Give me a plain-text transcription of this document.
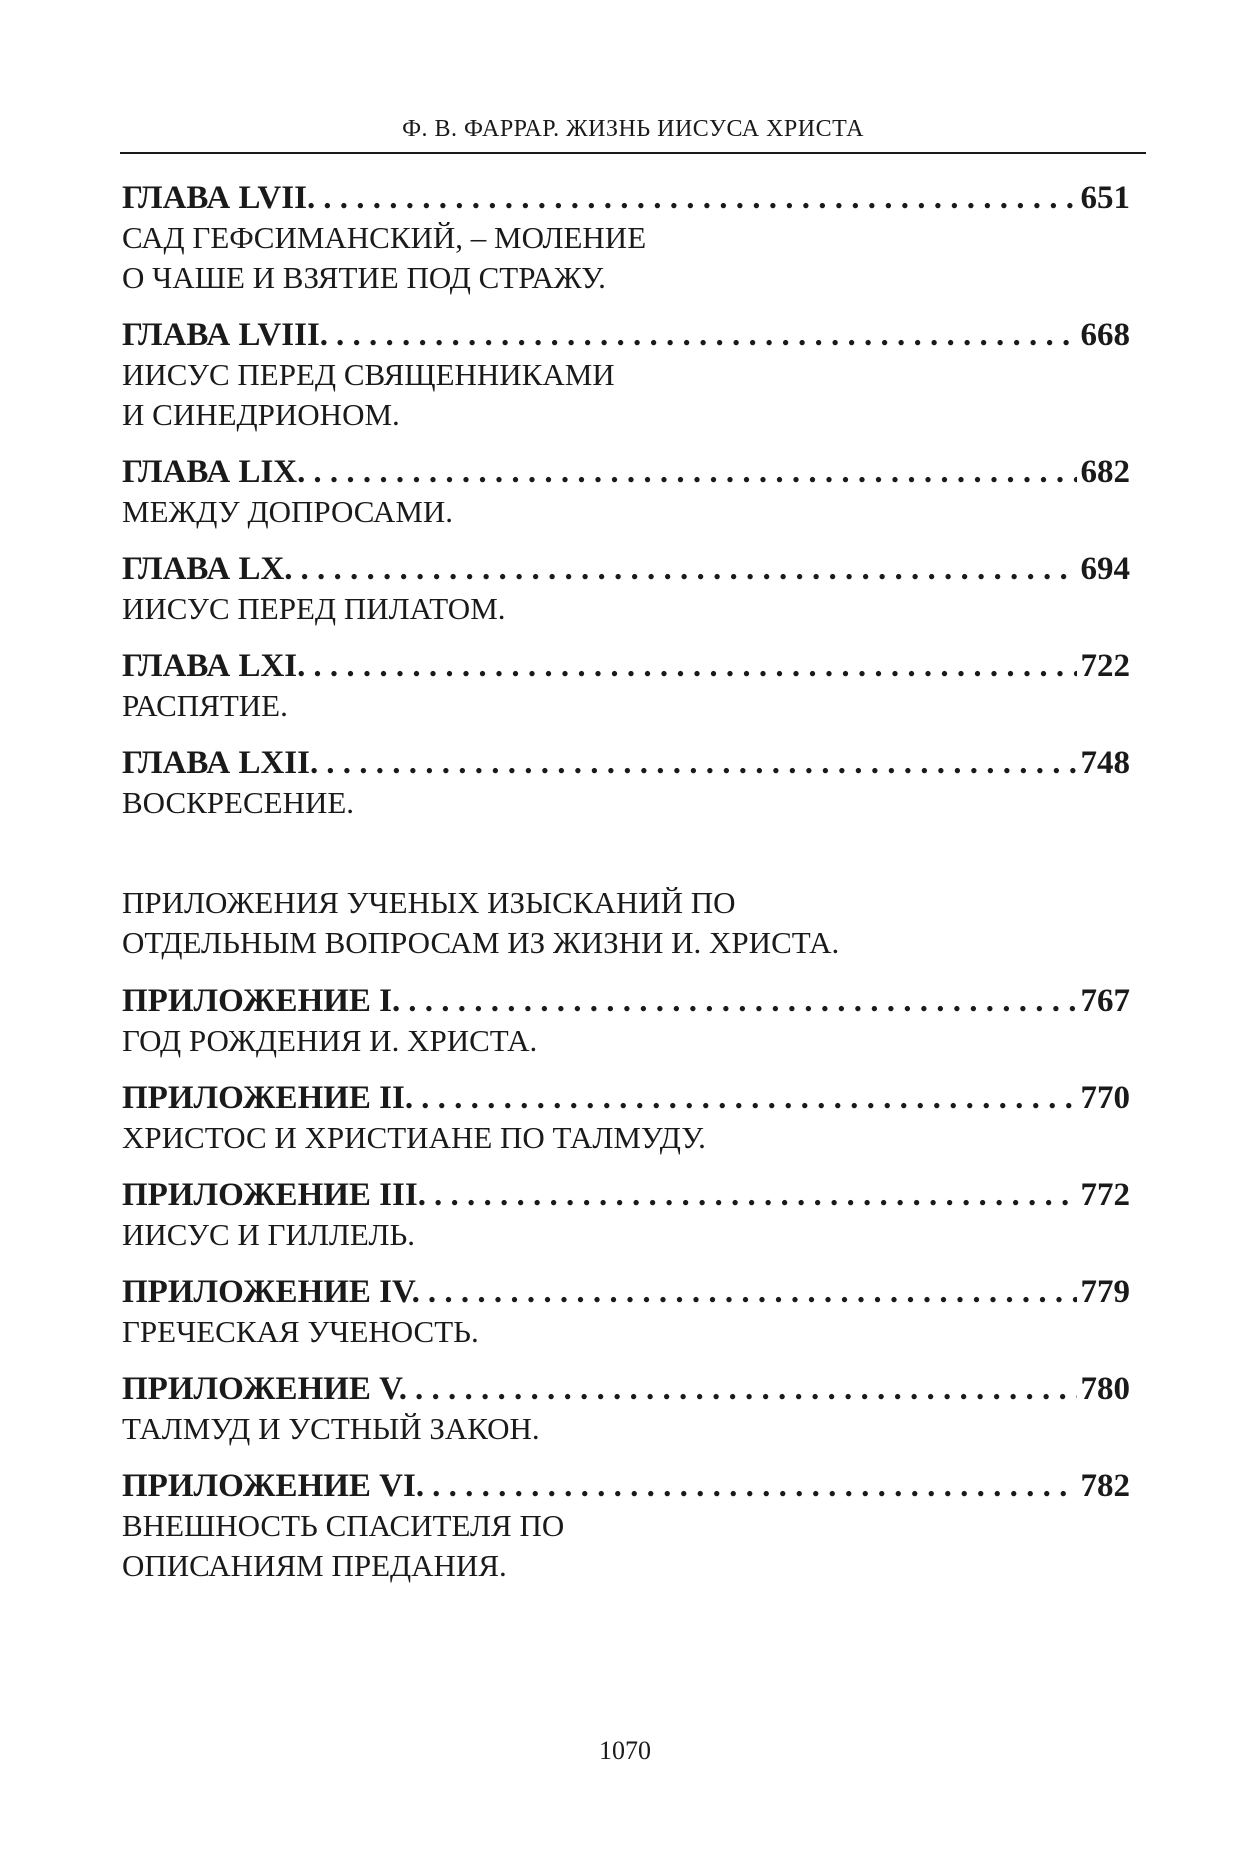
Ф. В. ФАРРАР. ЖИЗНЬ ИИСУСА ХРИСТА
ГЛАВА LVII. . . .	651
САД ГЕФСИМАНСКИЙ, – МОЛЕНИЕ
О ЧАШЕ И ВЗЯТИЕ ПОД СТРАЖУ.
ГЛАВА LVIII. . . .	668
ИИСУС ПЕРЕД СВЯЩЕННИКАМИ
И СИНЕДРИОНОМ.
ГЛАВА LIX. . . .	682
МЕЖДУ ДОПРОСАМИ.
ГЛАВА LX. . . .	694
ИИСУС ПЕРЕД ПИЛАТОМ.
ГЛАВА LXI. . . .	722
РАСПЯТИЕ.
ГЛАВА LXII. . . .	748
ВОСКРЕСЕНИЕ.
ПРИЛОЖЕНИЯ УЧЕНЫХ ИЗЫСКАНИЙ ПО
ОТДЕЛЬНЫМ ВОПРОСАМ ИЗ ЖИЗНИ И. ХРИСТА.
ПРИЛОЖЕНИЕ I. . . .	767
ГОД РОЖДЕНИЯ И. ХРИСТА.
ПРИЛОЖЕНИЕ II. . . .	770
ХРИСТОС И ХРИСТИАНЕ ПО ТАЛМУДУ.
ПРИЛОЖЕНИЕ III. . . .	772
ИИСУС И ГИЛЛЕЛЬ.
ПРИЛОЖЕНИЕ IV. . . .	779
ГРЕЧЕСКАЯ УЧЕНОСТЬ.
ПРИЛОЖЕНИЕ V. . . .	780
ТАЛМУД И УСТНЫЙ ЗАКОН.
ПРИЛОЖЕНИЕ VI. . . .	782
ВНЕШНОСТЬ СПАСИТЕЛЯ ПО
ОПИСАНИЯМ ПРЕДАНИЯ.
1070
